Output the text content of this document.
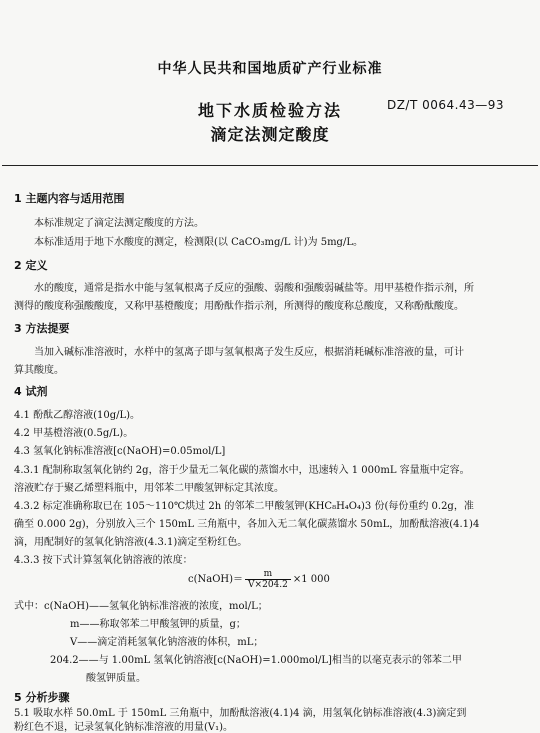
中华人民共和国地质矿产行业标准
地下水质检验方法
滴定法测定酸度
DZ/T 0064.43—93
1 主题内容与适用范围
本标准规定了滴定法测定酸度的方法。
本标准适用于地下水酸度的测定，检测限(以 CaCO₃mg/L 计)为 5mg/L。
2 定义
水的酸度，通常是指水中能与氢氧根离子反应的强酸、弱酸和强酸弱碱盐等。用甲基橙作指示剂，所
测得的酸度称强酸酸度，又称甲基橙酸度；用酚酞作指示剂，所测得的酸度称总酸度，又称酚酞酸度。
3 方法提要
当加入碱标准溶液时，水样中的氢离子即与氢氧根离子发生反应，根据消耗碱标准溶液的量，可计
算其酸度。
4 试剂
4.1 酚酞乙醇溶液(10g/L)。
4.2 甲基橙溶液(0.5g/L)。
4.3 氢氧化钠标准溶液[c(NaOH)=0.05mol/L]
4.3.1 配制称取氢氧化钠约 2g，溶于少量无二氧化碳的蒸馏水中，迅速转入 1 000mL 容量瓶中定容。
溶液贮存于聚乙烯塑料瓶中，用邻苯二甲酸氢钾标定其浓度。
4.3.2 标定准确称取已在 105～110℃烘过 2h 的邻苯二甲酸氢钾(KHC₈H₄O₄)3 份(每份重约 0.2g，准
确至 0.000 2g)，分别放入三个 150mL 三角瓶中，各加入无二氧化碳蒸馏水 50mL，加酚酞溶液(4.1)4
滴，用配制好的氢氧化钠溶液(4.3.1)滴定至粉红色。
4.3.3 按下式计算氢氧化钠溶液的浓度：
c(NaOH)＝ $\frac{m}{V\times 204.2} \times 1$ 000
式中：c(NaOH)——氢氧化钠标准溶液的浓度，mol/L；
m——称取邻苯二甲酸氢钾的质量，g；
V——滴定消耗氢氧化钠溶液的体积，mL；
204.2——与 1.00mL 氢氧化钠溶液[c(NaOH)=1.000mol/L]相当的以毫克表示的邻苯二甲
酸氢钾质量。
5 分析步骤
5.1 吸取水样 50.0mL 于 150mL 三角瓶中，加酚酞溶液(4.1)4 滴，用氢氧化钠标准溶液(4.3)滴定到
粉红色不退，记录氢氧化钠标准溶液的用量(V₁)。
